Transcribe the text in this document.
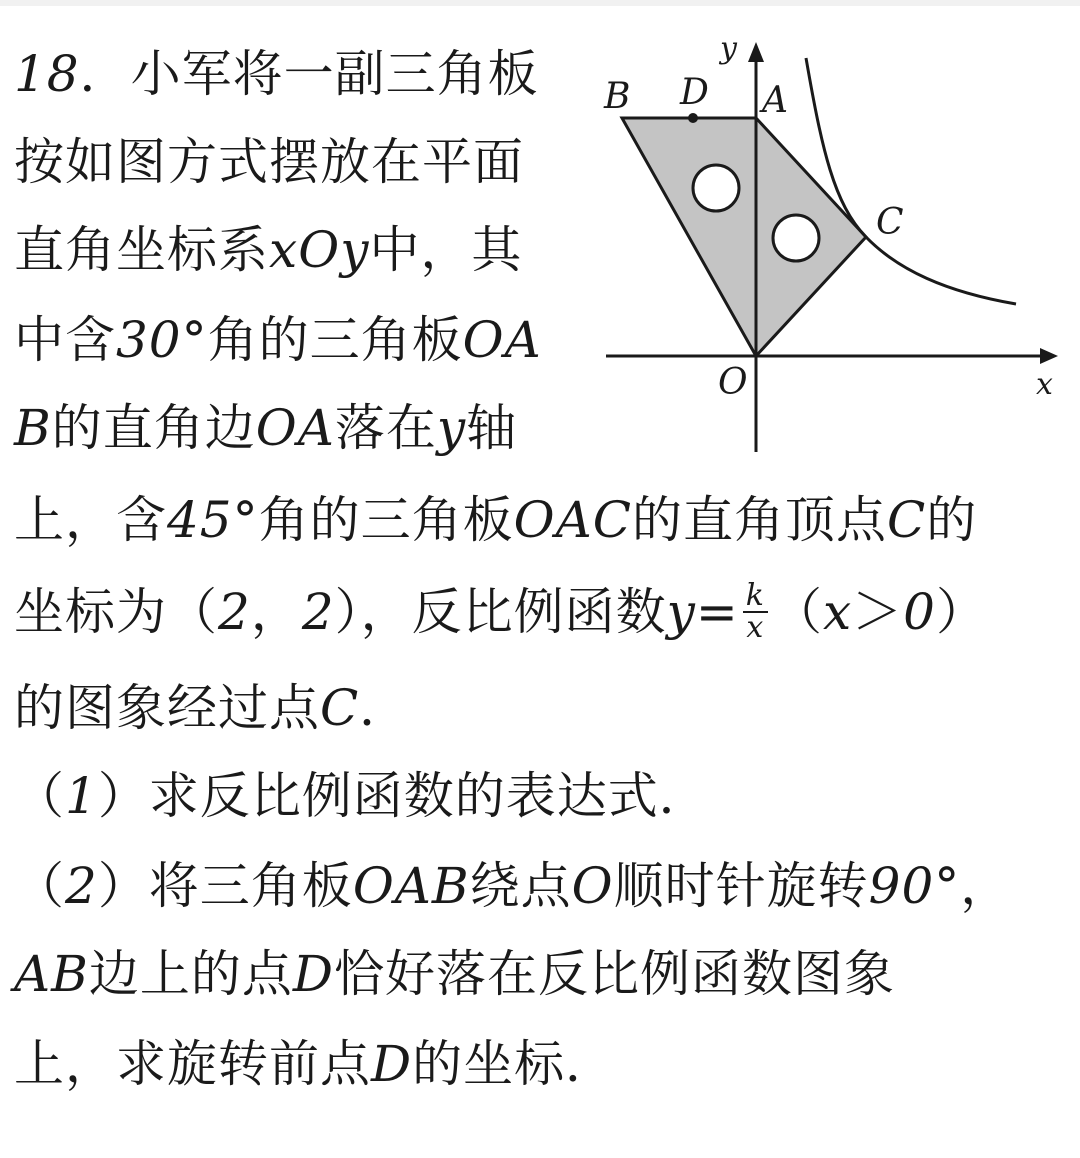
18．小军将一副三角板

按如图方式摆放在平面

直角坐标系xOy中，其

中含30°角的三角板OA

B的直角边OA落在y轴

上，含45°角的三角板OAC的直角顶点C的

坐标为（2，2），反比例函数$y= \frac{k}{x} (x>0)$

的图象经过点C．

（1）求反比例函数的表达式．

（2）将三角板OAB绕点O顺时针旋转90°，

AB边上的点D恰好落在反比例函数图象

上，求旋转前点D的坐标．

y
x
O
B D A
C
